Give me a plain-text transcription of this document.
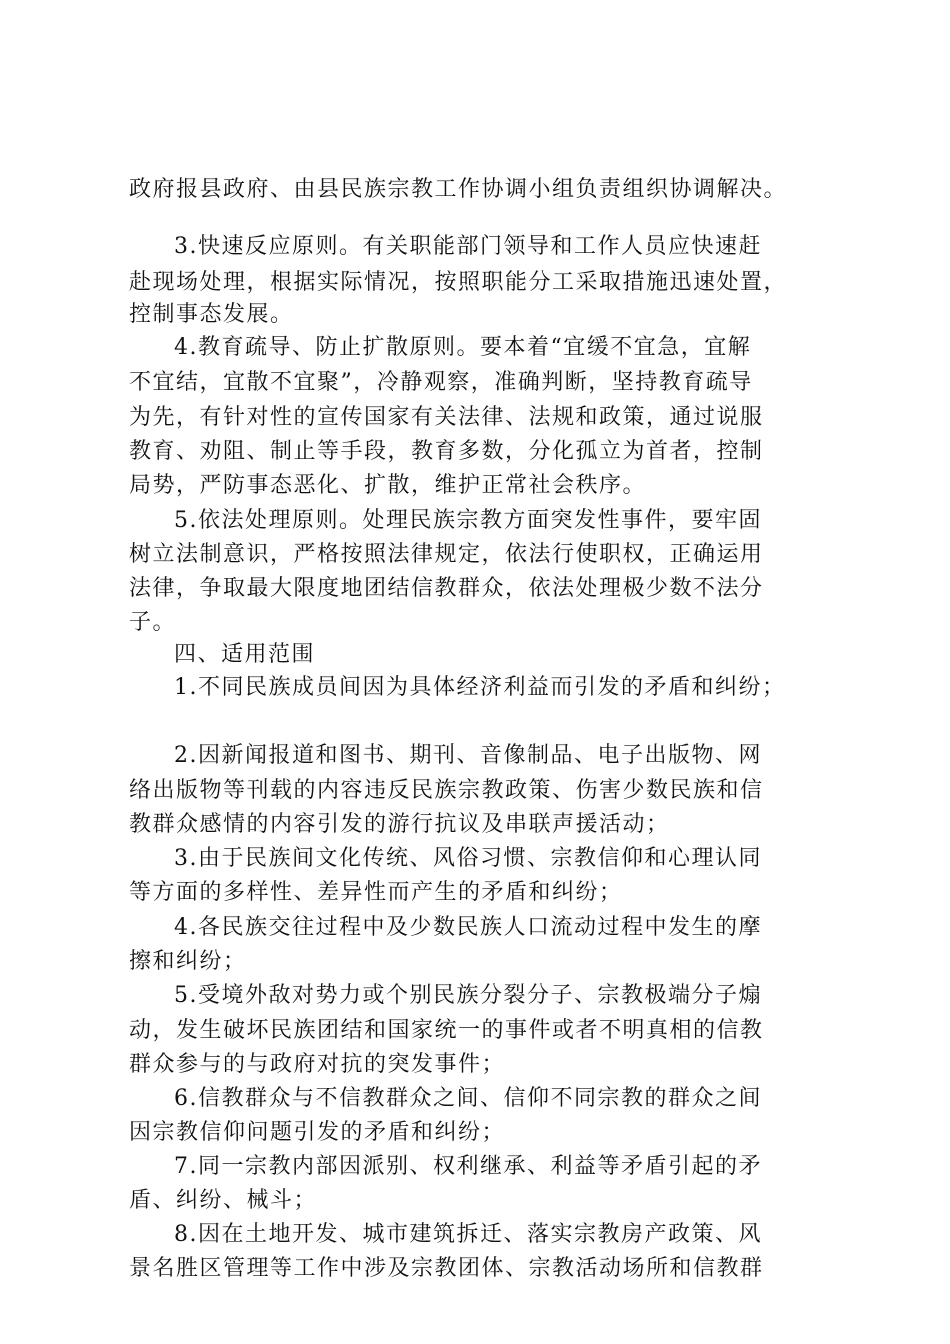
政府报县政府、由县民族宗教工作协调小组负责组织协调解决。
3.快速反应原则。有关职能部门领导和工作人员应快速赶
赴现场处理，根据实际情况，按照职能分工采取措施迅速处置，
控制事态发展。
4.教育疏导、防止扩散原则。要本着“宜缓不宜急，宜解
不宜结，宜散不宜聚”，冷静观察，准确判断，坚持教育疏导
为先，有针对性的宣传国家有关法律、法规和政策，通过说服
教育、劝阻、制止等手段，教育多数，分化孤立为首者，控制
局势，严防事态恶化、扩散，维护正常社会秩序。
5.依法处理原则。处理民族宗教方面突发性事件，要牢固
树立法制意识，严格按照法律规定，依法行使职权，正确运用
法律，争取最大限度地团结信教群众，依法处理极少数不法分
子。
四、适用范围
1.不同民族成员间因为具体经济利益而引发的矛盾和纠纷；
2.因新闻报道和图书、期刊、音像制品、电子出版物、网
络出版物等刊载的内容违反民族宗教政策、伤害少数民族和信
教群众感情的内容引发的游行抗议及串联声援活动；
3.由于民族间文化传统、风俗习惯、宗教信仰和心理认同
等方面的多样性、差异性而产生的矛盾和纠纷；
4.各民族交往过程中及少数民族人口流动过程中发生的摩
擦和纠纷；
5.受境外敌对势力或个别民族分裂分子、宗教极端分子煽
动，发生破坏民族团结和国家统一的事件或者不明真相的信教
群众参与的与政府对抗的突发事件；
6.信教群众与不信教群众之间、信仰不同宗教的群众之间
因宗教信仰问题引发的矛盾和纠纷；
7.同一宗教内部因派别、权利继承、利益等矛盾引起的矛
盾、纠纷、械斗；
8.因在土地开发、城市建筑拆迁、落实宗教房产政策、风
景名胜区管理等工作中涉及宗教团体、宗教活动场所和信教群
